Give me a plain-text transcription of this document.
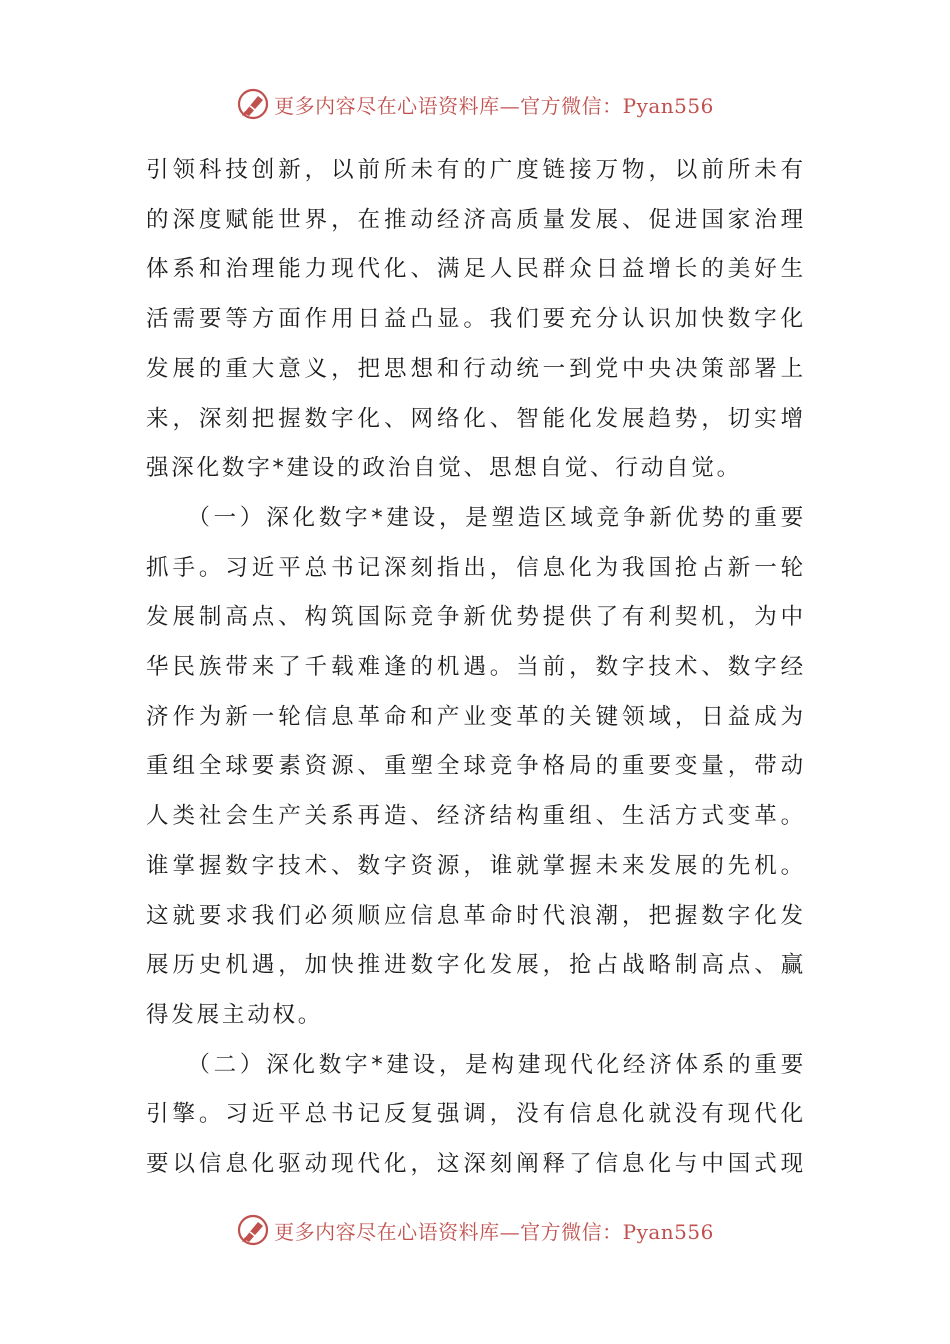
更多内容尽在心语资料库—官方微信：Pyan556

引领科技创新，以前所未有的广度链接万物，以前所未有

的深度赋能世界，在推动经济高质量发展、促进国家治理

体系和治理能力现代化、满足人民群众日益增长的美好生

活需要等方面作用日益凸显。我们要充分认识加快数字化

发展的重大意义，把思想和行动统一到党中央决策部署上

来，深刻把握数字化、网络化、智能化发展趋势，切实增

强深化数字*建设的政治自觉、思想自觉、行动自觉。

　　（一）深化数字*建设，是塑造区域竞争新优势的重要

抓手。习近平总书记深刻指出，信息化为我国抢占新一轮

发展制高点、构筑国际竞争新优势提供了有利契机，为中

华民族带来了千载难逢的机遇。当前，数字技术、数字经

济作为新一轮信息革命和产业变革的关键领域，日益成为

重组全球要素资源、重塑全球竞争格局的重要变量，带动

人类社会生产关系再造、经济结构重组、生活方式变革。

谁掌握数字技术、数字资源，谁就掌握未来发展的先机。

这就要求我们必须顺应信息革命时代浪潮，把握数字化发

展历史机遇，加快推进数字化发展，抢占战略制高点、赢

得发展主动权。

　　（二）深化数字*建设，是构建现代化经济体系的重要

引擎。习近平总书记反复强调，没有信息化就没有现代化

要以信息化驱动现代化，这深刻阐释了信息化与中国式现

更多内容尽在心语资料库—官方微信：Pyan556
